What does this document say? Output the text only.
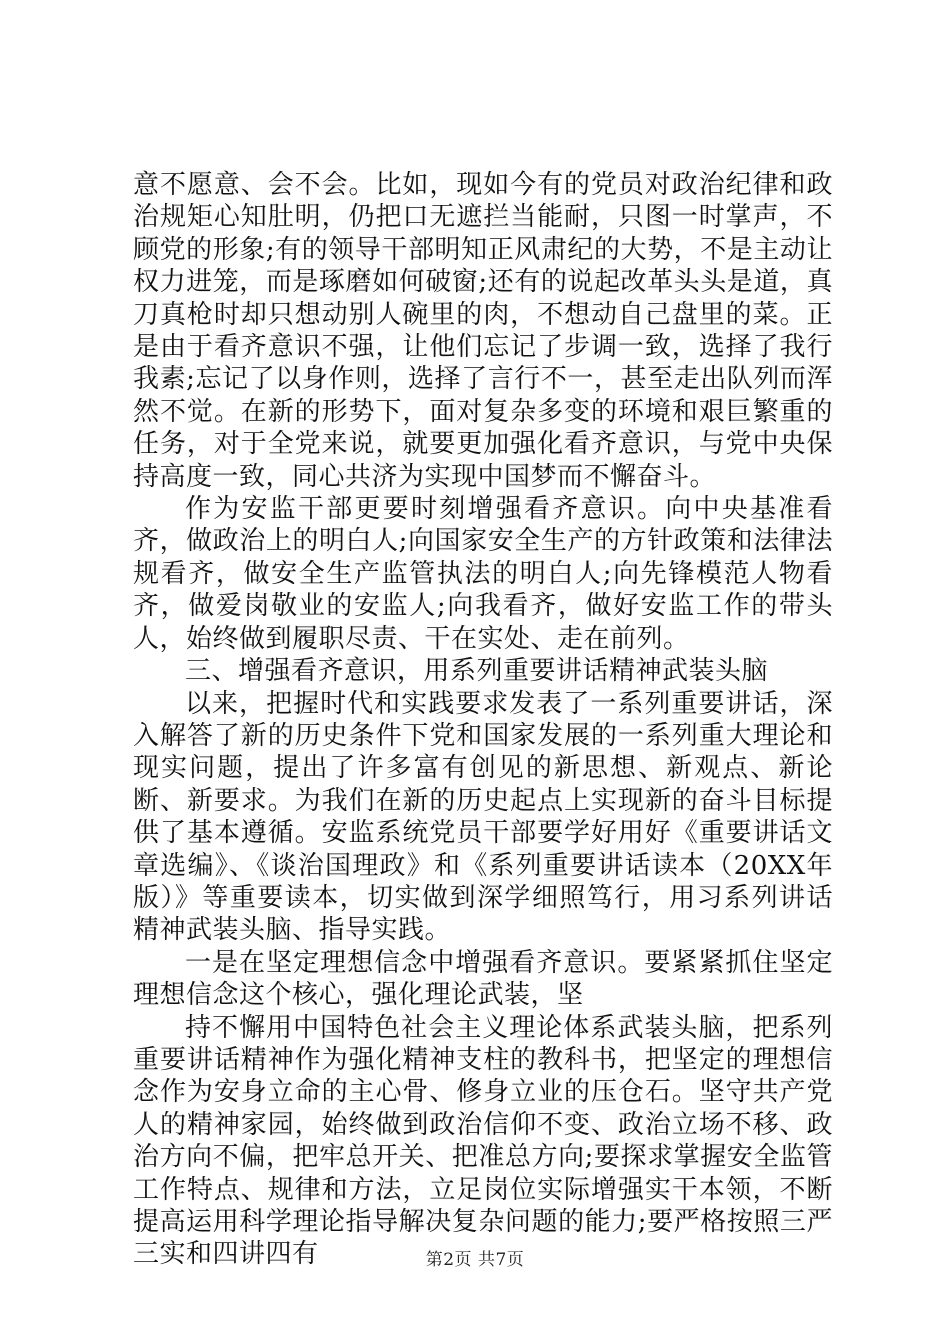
意不愿意、会不会。比如，现如今有的党员对政治纪律和政治规矩心知肚明，仍把口无遮拦当能耐，只图一时掌声，不顾党的形象;有的领导干部明知正风肃纪的大势，不是主动让权力进笼，而是琢磨如何破窗;还有的说起改革头头是道，真刀真枪时却只想动别人碗里的肉，不想动自己盘里的菜。正是由于看齐意识不强，让他们忘记了步调一致，选择了我行我素;忘记了以身作则，选择了言行不一，甚至走出队列而浑然不觉。在新的形势下，面对复杂多变的环境和艰巨繁重的任务，对于全党来说，就要更加强化看齐意识，与党中央保持高度一致，同心共济为实现中国梦而不懈奋斗。

作为安监干部更要时刻增强看齐意识。向中央基准看齐，做政治上的明白人;向国家安全生产的方针政策和法律法规看齐，做安全生产监管执法的明白人;向先锋模范人物看齐，做爱岗敬业的安监人;向我看齐，做好安监工作的带头人，始终做到履职尽责、干在实处、走在前列。

三、增强看齐意识，用系列重要讲话精神武装头脑

以来，把握时代和实践要求发表了一系列重要讲话，深入解答了新的历史条件下党和国家发展的一系列重大理论和现实问题，提出了许多富有创见的新思想、新观点、新论断、新要求。为我们在新的历史起点上实现新的奋斗目标提供了基本遵循。安监系统党员干部要学好用好《重要讲话文章选编》、《谈治国理政》和《系列重要讲话读本（20XX年版）》等重要读本，切实做到深学细照笃行，用习系列讲话精神武装头脑、指导实践。

一是在坚定理想信念中增强看齐意识。要紧紧抓住坚定理想信念这个核心，强化理论武装，坚

持不懈用中国特色社会主义理论体系武装头脑，把系列重要讲话精神作为强化精神支柱的教科书，把坚定的理想信念作为安身立命的主心骨、修身立业的压仓石。坚守共产党人的精神家园，始终做到政治信仰不变、政治立场不移、政治方向不偏，把牢总开关、把准总方向;要探求掌握安全监管工作特点、规律和方法，立足岗位实际增强实干本领，不断提高运用科学理论指导解决复杂问题的能力;要严格按照三严三实和四讲四有	第2页 共7页
